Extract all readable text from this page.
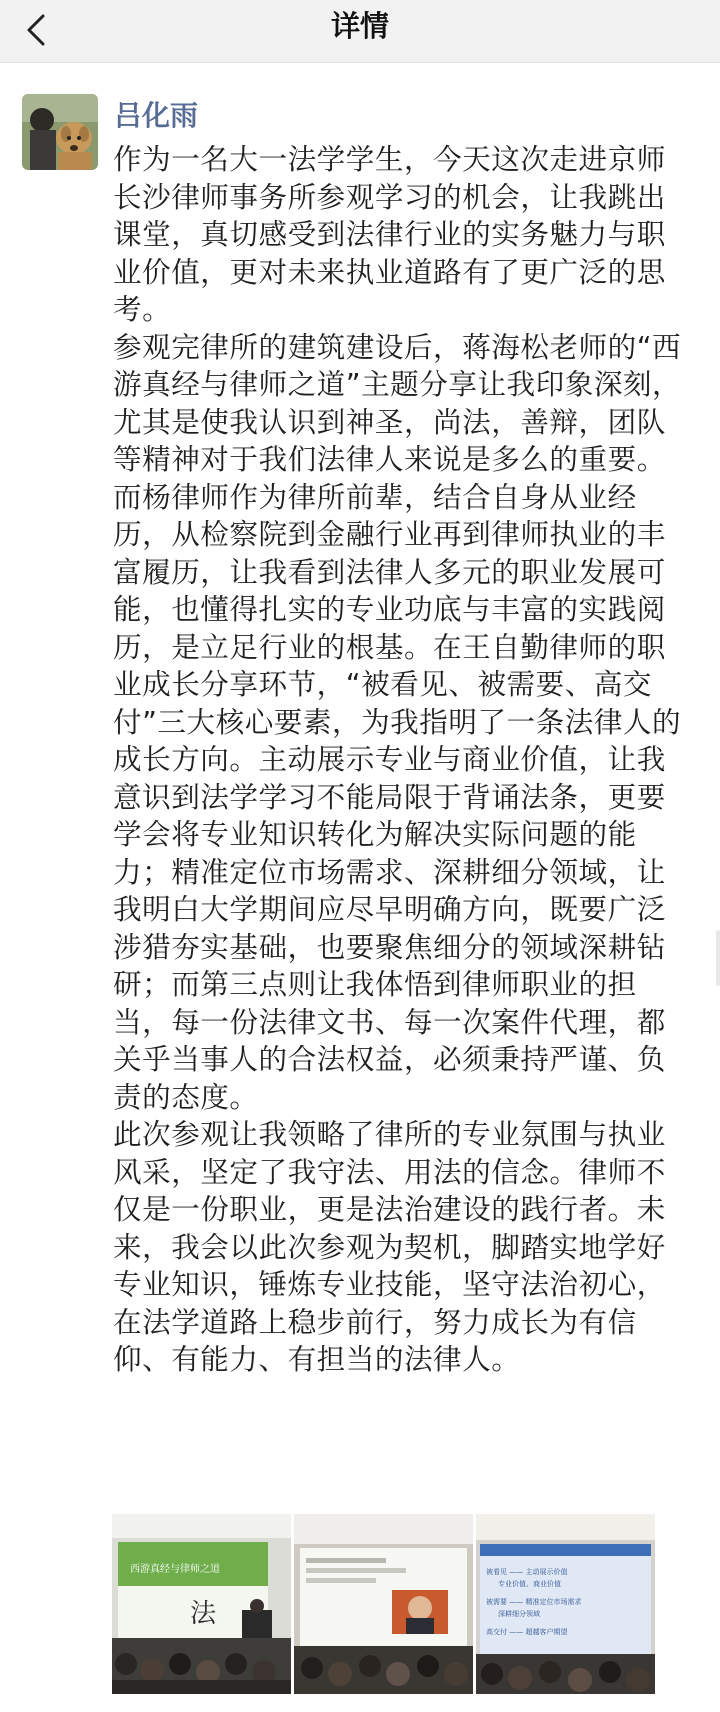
详情
吕化雨

作为一名大一法学学生，今天这次走进京师长沙律师事务所参观学习的机会，让我跳出课堂，真切感受到法律行业的实务魅力与职业价值，更对未来执业道路有了更广泛的思考。

参观完律所的建筑建设后，蒋海松老师的“西游真经与律师之道”主题分享让我印象深刻，尤其是使我认识到神圣，尚法，善辩，团队等精神对于我们法律人来说是多么的重要。而杨律师作为律所前辈，结合自身从业经历，从检察院到金融行业再到律师执业的丰富履历，让我看到法律人多元的职业发展可能，也懂得扎实的专业功底与丰富的实践阅历，是立足行业的根基。在王自勤律师的职业成长分享环节，“被看见、被需要、高交付”三大核心要素，为我指明了一条法律人的成长方向。主动展示专业与商业价值，让我意识到法学学习不能局限于背诵法条，更要学会将专业知识转化为解决实际问题的能力；精准定位市场需求、深耕细分领域，让我明白大学期间应尽早明确方向，既要广泛涉猎夯实基础，也要聚焦细分的领域深耕钻研；而第三点则让我体悟到律师职业的担当，每一份法律文书、每一次案件代理，都关乎当事人的合法权益，必须秉持严谨、负责的态度。

此次参观让我领略了律所的专业氛围与执业风采，坚定了我守法、用法的信念。律师不仅是一份职业，更是法治建设的践行者。未来，我会以此次参观为契机，脚踏实地学好专业知识，锤炼专业技能，坚守法治初心，在法学道路上稳步前行，努力成长为有信仰、有能力、有担当的法律人。

西游真经与律师之道
法
被看见 —— 主动展示价值
专业价值、商业价值
被需要 —— 精准定位市场需求
深耕细分领域
高交付 —— 超越客户期望
